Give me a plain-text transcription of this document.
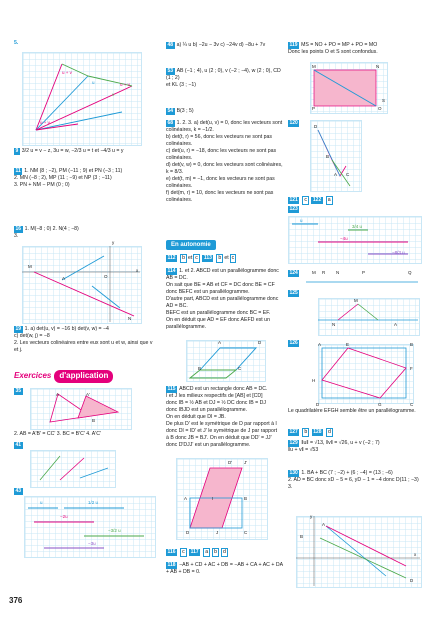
5.
u + v
u
v
u + v
u + v
9 3/2 u = v − z, 3u = w, −2/3 u = t et −4/3 u = y
11 1. NM (8 ; −2), PM (−11 ; 9) et PN (−3 ; 11)
2. MN (−8 ; 2), MP (11 ; −9) et NP (3 ; −11)
3. PN + NM − PM (0 ; 0)
16 1. M(−8 ; 0) 2. N(4 ; −8)
3.
y
M
A
x
O
N
19 1. a) det(u, v) = −16 b) det(v, w) = −4
c) det(w, j) = −8
2. Les vecteurs colinéaires entre eux sont u et w, ainsi que v et j.
Exercices d'application
35
A	A'
B
2. AB = A'B' = CC' 3. BC = B'C' 4. A'C'
41
43
u	1/2 u
−2u
−3/2 u
−3u
48 a) ¼ u b) −2u − 3v c) −24v d) −8u + 7v
53 AB (−1 ; 4), u (2 ; 0), v (−2 ; −4), w (2 ; 0), CD (1 ; 2)
et KL (3 ; −1)
54 B(3 ; 5)
68 1. 2. 3. a) det(u, v) = 0, donc les vecteurs sont colinéaires, k = −1/2.
b) det(t, r) = 56, donc les vecteurs ne sont pas colinéaires.
c) det(u, r) = −18, donc les vecteurs ne sont pas colinéaires.
d) det(v, w) = 0, donc les vecteurs sont colinéaires, k = 8/3.
e) det(t, m) = −1, donc les vecteurs ne sont pas colinéaires.
f) det(m, r) = 10, donc les vecteurs ne sont pas colinéaires.
En autonomie
112 b et c 113 b et c
114 1. et 2. ABCD est un parallélogramme donc AB = DC.
On sait que BE = AB et CF = DC donc BE = CF donc BEFC est un parallélogramme.
D'autre part, ABCD est un parallélogramme donc AD = BC.
BEFC est un parallélogramme donc BC = EF.
On en déduit que AD = EF donc AEFD est un parallélogramme.
A	D
B	C
115 ABCD est un rectangle donc AB = DC.
I et J les milieux respectifs de [AB] et [CD]
donc IB = ½ AB et DJ = ½ DC donc IB = DJ
donc IBJD est un parallélogramme.
On en déduit que DI = JB.
De plus D' est le symétrique de D par rapport à I
donc DI = ID' et J' le symétrique de J par rapport
à B donc JB = BJ'. On en déduit que DD' = JJ'
donc D'DJJ' est un parallélogramme.
D'	J'
A	I	B
D	J	C
116 c 117 a b d
118 −AB + CD + AC + DB = −AB + CA + AC + DA + AB + DB = 0.
119 MS = NO + PO = MP + PO = MO
Donc les points O et S sont confondus.
M	N
P	O
S
120
D
B
A C
121 c 122 a
123
u
3/4 u
−4u
−8/3 u
124	M R N	P	Q
125
M
N	A
126	A	E	B
H
F
D	G	C
Le quadrilatère EFGH semble être un parallélogramme.
127 b 128 d
129 ‖u‖ = √13, ‖v‖ = √26, u + v (−2 ; 7)
‖u + v‖ = √53
130 1. BA + BC (7 ; −2) + (6 ; −4) = (13 ; −6)
2. AD = BC donc xD − 5 = 6, yD − 1 = −4 donc D(11 ; −3)
3.
y
x
A
B
D
376
